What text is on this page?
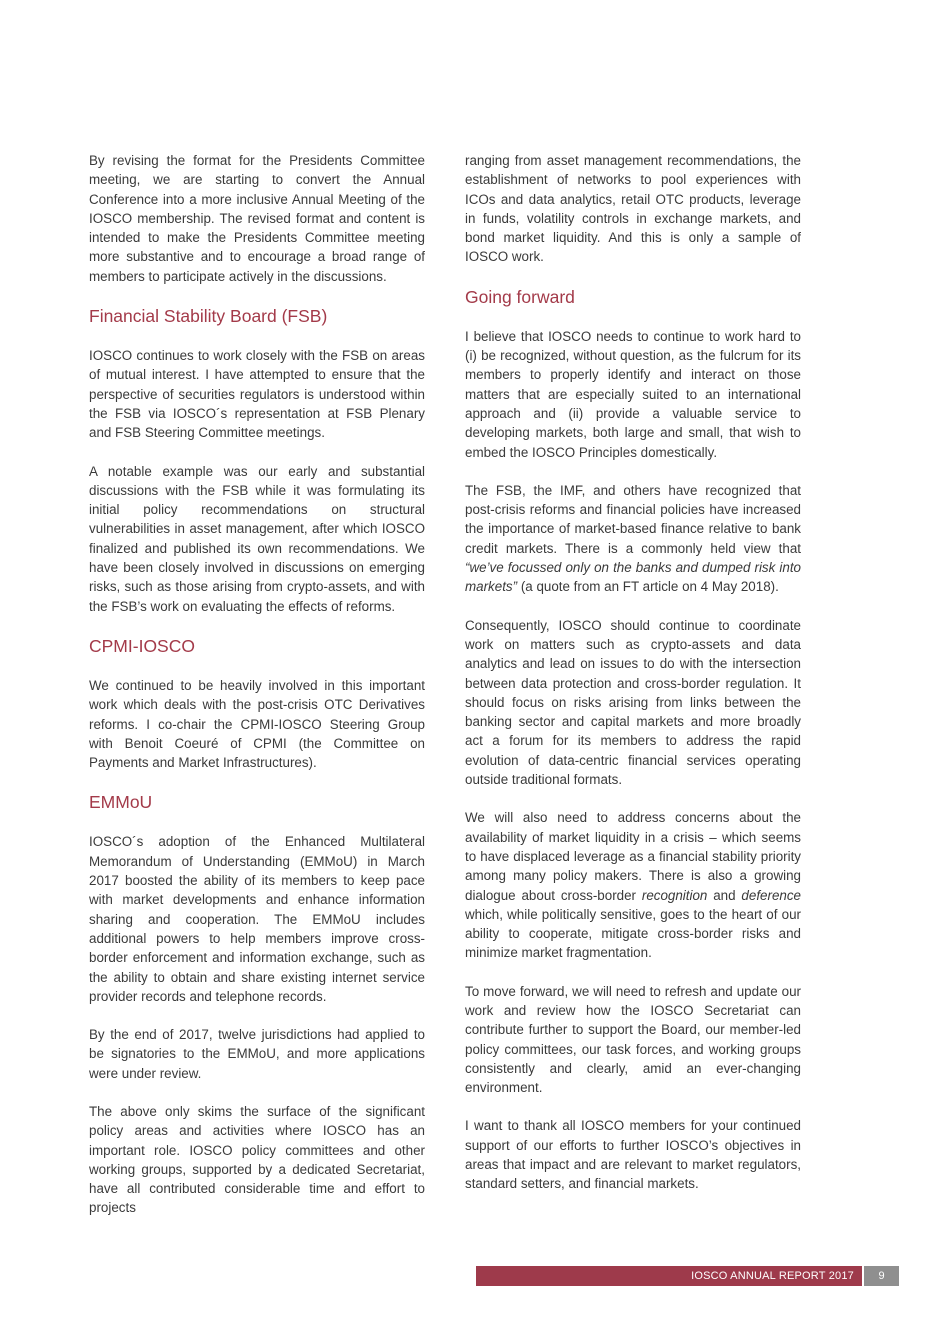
By revising the format for the Presidents Committee meeting, we are starting to convert the Annual Conference into a more inclusive Annual Meeting of the IOSCO membership. The revised format and content is intended to make the Presidents Committee meeting more substantive and to encourage a broad range of members to participate actively in the discussions.

Financial Stability Board (FSB)

IOSCO continues to work closely with the FSB on areas of mutual interest. I have attempted to ensure that the perspective of securities regulators is understood within the FSB via IOSCO´s representation at FSB Plenary and FSB Steering Committee meetings.

A notable example was our early and substantial discussions with the FSB while it was formulating its initial policy recommendations on structural vulnerabilities in asset management, after which IOSCO finalized and published its own recommendations. We have been closely involved in discussions on emerging risks, such as those arising from crypto-assets, and with the FSB’s work on evaluating the effects of reforms.

CPMI-IOSCO

We continued to be heavily involved in this important work which deals with the post-crisis OTC Derivatives reforms. I co-chair the CPMI-IOSCO Steering Group with Benoit Coeuré of CPMI (the Committee on Payments and Market Infrastructures).

EMMoU

IOSCO´s adoption of the Enhanced Multilateral Memorandum of Understanding (EMMoU) in March 2017 boosted the ability of its members to keep pace with market developments and enhance information sharing and cooperation. The EMMoU includes additional powers to help members improve cross-border enforcement and information exchange, such as the ability to obtain and share existing internet service provider records and telephone records.

By the end of 2017, twelve jurisdictions had applied to be signatories to the EMMoU, and more applications were under review.

The above only skims the surface of the significant policy areas and activities where IOSCO has an important role. IOSCO policy committees and other working groups, supported by a dedicated Secretariat, have all contributed considerable time and effort to projects

ranging from asset management recommendations, the establishment of networks to pool experiences with ICOs and data analytics, retail OTC products, leverage in funds, volatility controls in exchange markets, and bond market liquidity. And this is only a sample of IOSCO work.

Going forward

I believe that IOSCO needs to continue to work hard to (i) be recognized, without question, as the fulcrum for its members to properly identify and interact on those matters that are especially suited to an international approach and (ii) provide a valuable service to developing markets, both large and small, that wish to embed the IOSCO Principles domestically.

The FSB, the IMF, and others have recognized that post-crisis reforms and financial policies have increased the importance of market-based finance relative to bank credit markets. There is a commonly held view that “we’ve focussed only on the banks and dumped risk into markets” (a quote from an FT article on 4 May 2018).

Consequently, IOSCO should continue to coordinate work on matters such as crypto-assets and data analytics and lead on issues to do with the intersection between data protection and cross-border regulation. It should focus on risks arising from links between the banking sector and capital markets and more broadly act a forum for its members to address the rapid evolution of data-centric financial services operating outside traditional formats.

We will also need to address concerns about the availability of market liquidity in a crisis – which seems to have displaced leverage as a financial stability priority among many policy makers. There is also a growing dialogue about cross-border recognition and deference which, while politically sensitive, goes to the heart of our ability to cooperate, mitigate cross-border risks and minimize market fragmentation.

To move forward, we will need to refresh and update our work and review how the IOSCO Secretariat can contribute further to support the Board, our member-led policy committees, our task forces, and working groups consistently and clearly, amid an ever-changing environment.

I want to thank all IOSCO members for your continued support of our efforts to further IOSCO’s objectives in areas that impact and are relevant to market regulators, standard setters, and financial markets.

IOSCO ANNUAL REPORT 2017	9
